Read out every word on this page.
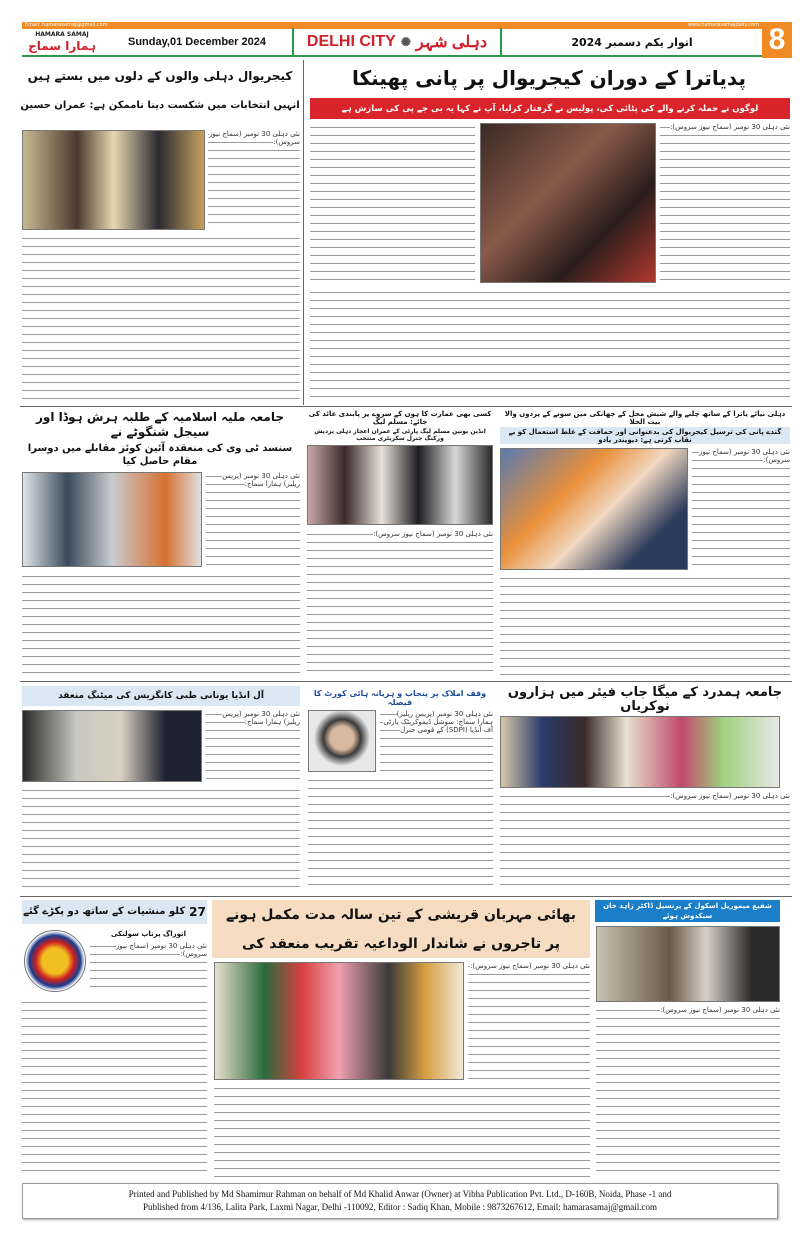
Email: hamarasamaj@gmail.com	www.hamarasamajdaily.com 8
HAMARA SAMAJ
ہمارا سماج	Sunday,01 December 2024	DELHI CITY ✺ دہلی شہر	اتوار یکم دسمبر 2024
پدیاترا کے دوران کیجریوال پر پانی پھینکا
لوگوں نے حملہ کرنے والے کی پٹائی کی، پولیس نے گرفتار کرلیا، آپ نے کہا یہ بی جے پی کی سازش ہے
نئی دہلی 30 نومبر (سماج نیوز سروس):
کیجریوال دہلی والوں کے دلوں میں بستے ہیں
انہیں انتخابات میں شکست دینا ناممکن ہے: عمران حسین
نئی دہلی 30 نومبر (سماج نیوز سروس):
جامعہ ملیہ اسلامیہ کے طلبہ ہرش ہوڈا اور سیجل شنگوٹے نے
سنسد ٹی وی کی منعقدہ آئین کوئز مقابلے میں دوسرا مقام حاصل کیا
نئی دہلی 30 نومبر (پریس ریلیز) ہمارا سماج:
کسی بھی عمارت کا ہوں کے سروے پر پابندی عائد کی جائے: مسلم لیگ
انڈین یونین مسلم لیگ پارٹی کے عمران اعجاز دہلی پردیش ورکنگ جنرل سکریٹری منتخب
نئی دہلی 30 نومبر (سماج نیوز سروس):
دہلی نیائے یاترا کے ساتھ چلنے والے شیش محل کے جھانکی میں سونے کے پردوں والا بیت الخلا
گندے پانی کی ترسیل کیجریوال کی بدعنوانی اور حماقت کے غلط استعمال کو بے نقاب کرتی ہے: دیویندر یادو
نئی دہلی 30 نومبر (سماج نیوز سروس):
آل انڈیا یونانی طبی کانگریس کی میٹنگ منعقد
نئی دہلی 30 نومبر (پریس ریلیز) ہمارا سماج:
وقف املاک پر پنجاب و ہریانہ ہائی کورٹ کا فیصلہ
نئی دہلی 30 نومبر (پریس ریلیز) ہمارا سماج: سوشل ڈیموکریٹک پارٹی آف انڈیا (SDPI) کے قومی جنرل
جامعہ ہمدرد کے میگا جاب فیئر میں ہزاروں نوکریاں
نئی دہلی 30 نومبر (سماج نیوز سروس):
27
کلو منشیات کے ساتھ دو پکڑے گئے
انوراگ پرتاپ سولنکی
نئی دہلی 30 نومبر (سماج نیوز سروس):
بھائی مہربان قریشی کے تین سالہ مدت مکمل ہونے
پر تاجروں نے شاندار الوداعیہ تقریب منعقد کی
نئی دہلی 30 نومبر (سماج نیوز سروس):
شفیع میموریل اسکول کے پرنسپل ڈاکٹر زاہد خان سبکدوش ہوئے
نئی دہلی 30 نومبر (سماج نیوز سروس):
Printed and Published by Md Shamimur Rahman on behalf of Md Khalid Anwar (Owner) at Vibha Publication Pvt. Ltd., D-160B, Noida, Phase -1 and
Published from 4/136, Lalita Park, Laxmi Nagar, Delhi -110092, Editor : Sadiq Khan, Mobile : 9873267612, Email: hamarasamaj@gmail.com
